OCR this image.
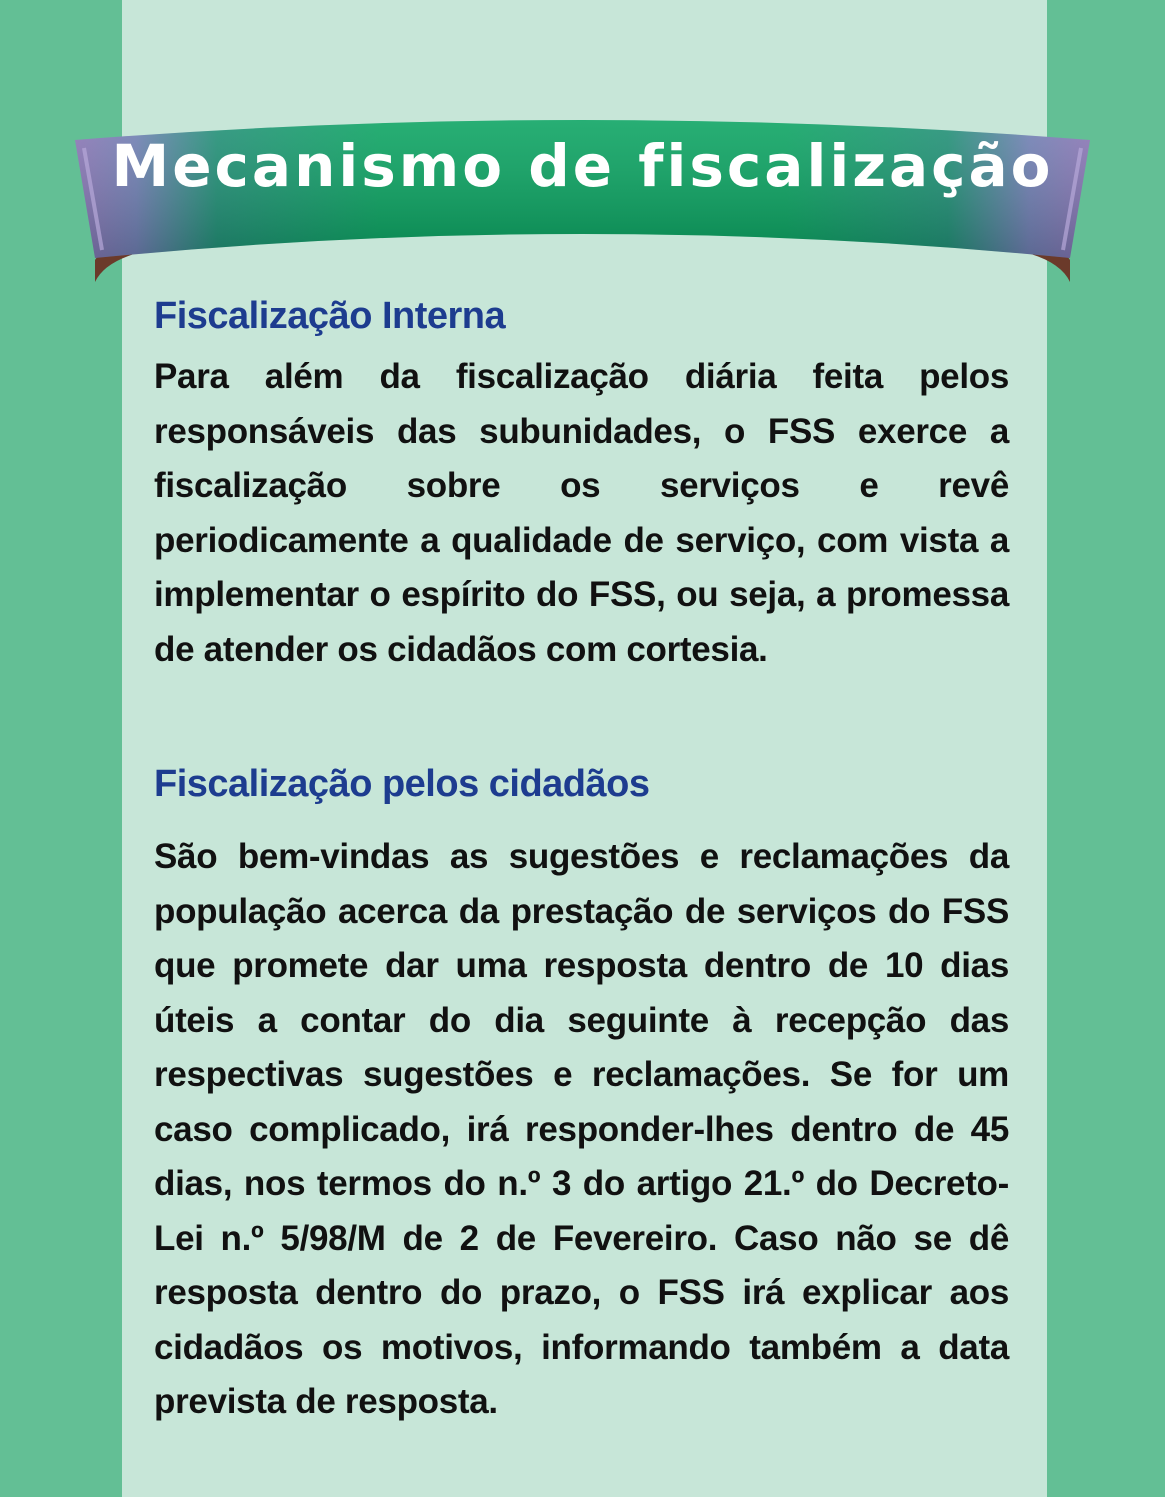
Mecanismo de fiscalização
Fiscalização Interna

Para além da fiscalização diária feita pelos responsáveis das subunidades, o FSS exerce a fiscalização sobre os serviços e revê periodicamente a qualidade de serviço, com vista a implementar o espírito do FSS, ou seja, a promessa de atender os cidadãos com cortesia.

Fiscalização pelos cidadãos

São bem-vindas as sugestões e reclamações da população acerca da prestação de serviços do FSS que promete dar uma resposta dentro de 10 dias úteis a contar do dia seguinte à recepção das respectivas sugestões e reclamações. Se for um caso complicado, irá responder-lhes dentro de 45 dias, nos termos do n.º 3 do artigo 21.º do Decreto-Lei n.º 5/98/M de 2 de Fevereiro. Caso não se dê resposta dentro do prazo, o FSS irá explicar aos cidadãos os motivos, informando também a data prevista de resposta.
